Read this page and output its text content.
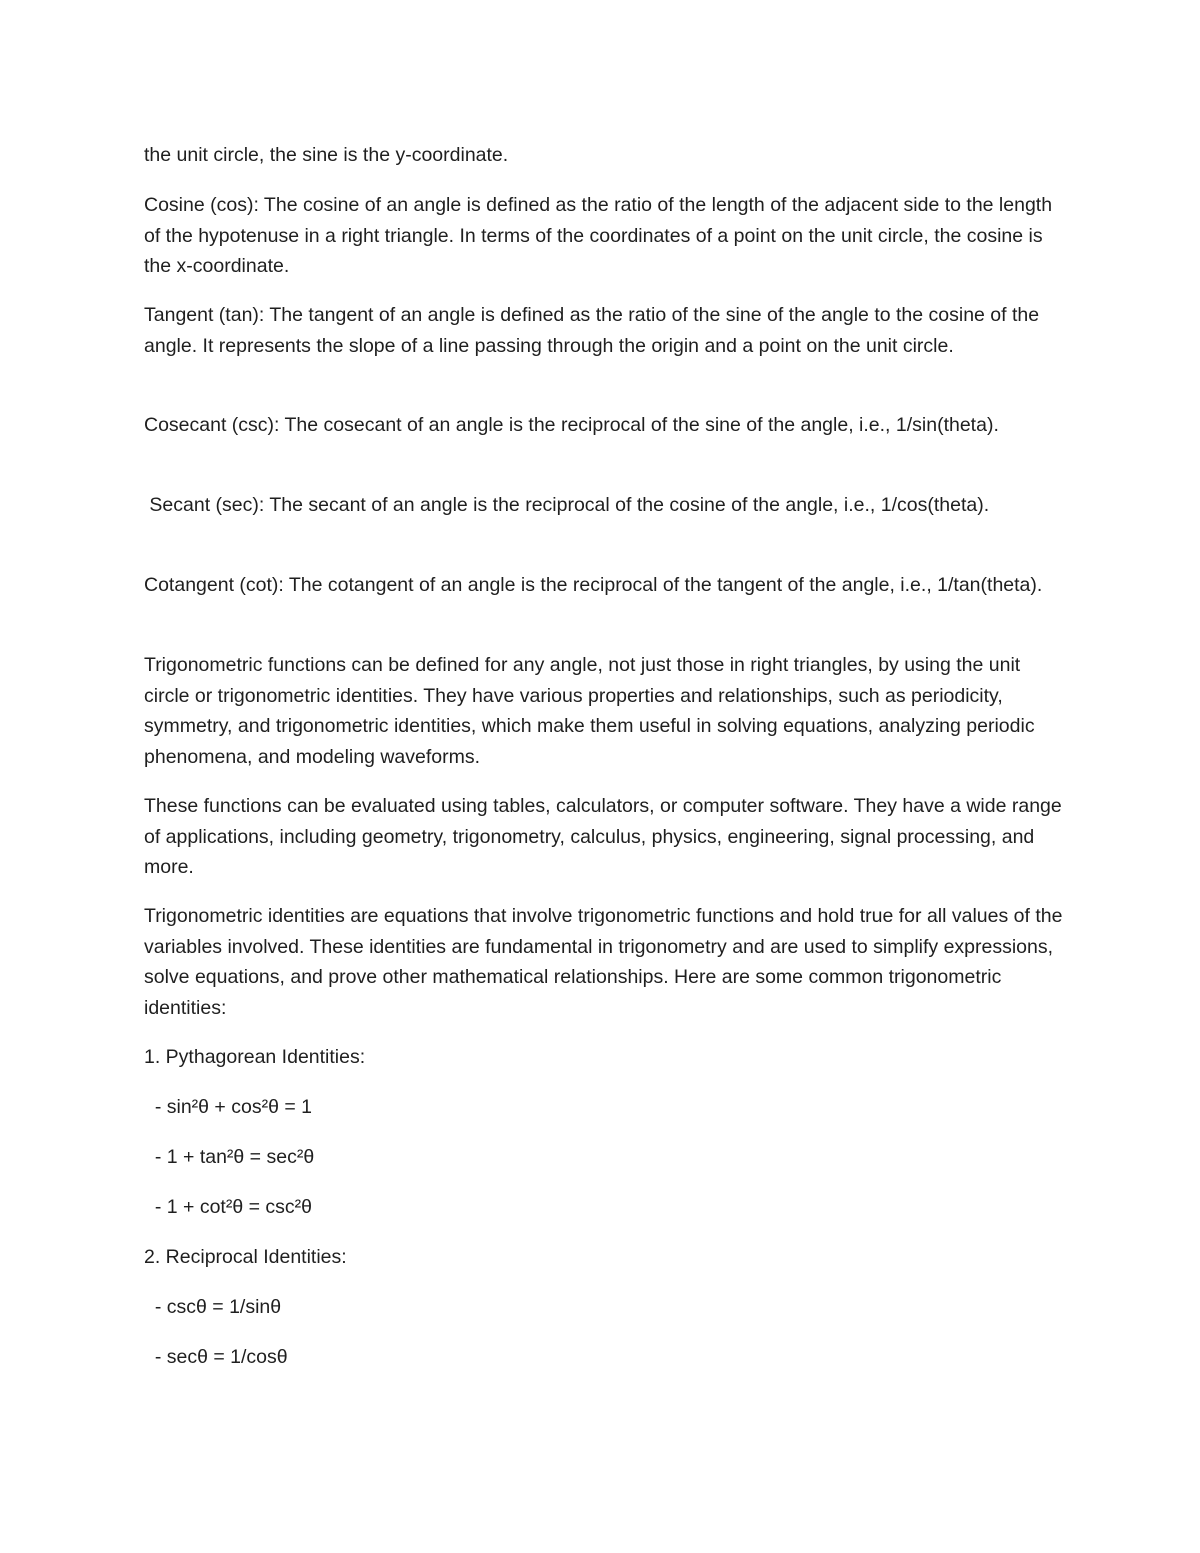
the unit circle, the sine is the y-coordinate.

Cosine (cos): The cosine of an angle is defined as the ratio of the length of the adjacent side to the length of the hypotenuse in a right triangle. In terms of the coordinates of a point on the unit circle, the cosine is the x-coordinate.

Tangent (tan): The tangent of an angle is defined as the ratio of the sine of the angle to the cosine of the angle. It represents the slope of a line passing through the origin and a point on the unit circle.

Cosecant (csc): The cosecant of an angle is the reciprocal of the sine of the angle, i.e., 1/sin(theta).

Secant (sec): The secant of an angle is the reciprocal of the cosine of the angle, i.e., 1/cos(theta).

Cotangent (cot): The cotangent of an angle is the reciprocal of the tangent of the angle, i.e., 1/tan(theta).

Trigonometric functions can be defined for any angle, not just those in right triangles, by using the unit circle or trigonometric identities. They have various properties and relationships, such as periodicity, symmetry, and trigonometric identities, which make them useful in solving equations, analyzing periodic phenomena, and modeling waveforms.

These functions can be evaluated using tables, calculators, or computer software. They have a wide range of applications, including geometry, trigonometry, calculus, physics, engineering, signal processing, and more.

Trigonometric identities are equations that involve trigonometric functions and hold true for all values of the variables involved. These identities are fundamental in trigonometry and are used to simplify expressions, solve equations, and prove other mathematical relationships. Here are some common trigonometric identities:

1. Pythagorean Identities:

- sin²θ + cos²θ = 1

- 1 + tan²θ = sec²θ

- 1 + cot²θ = csc²θ

2. Reciprocal Identities:

- cscθ = 1/sinθ

- secθ = 1/cosθ
